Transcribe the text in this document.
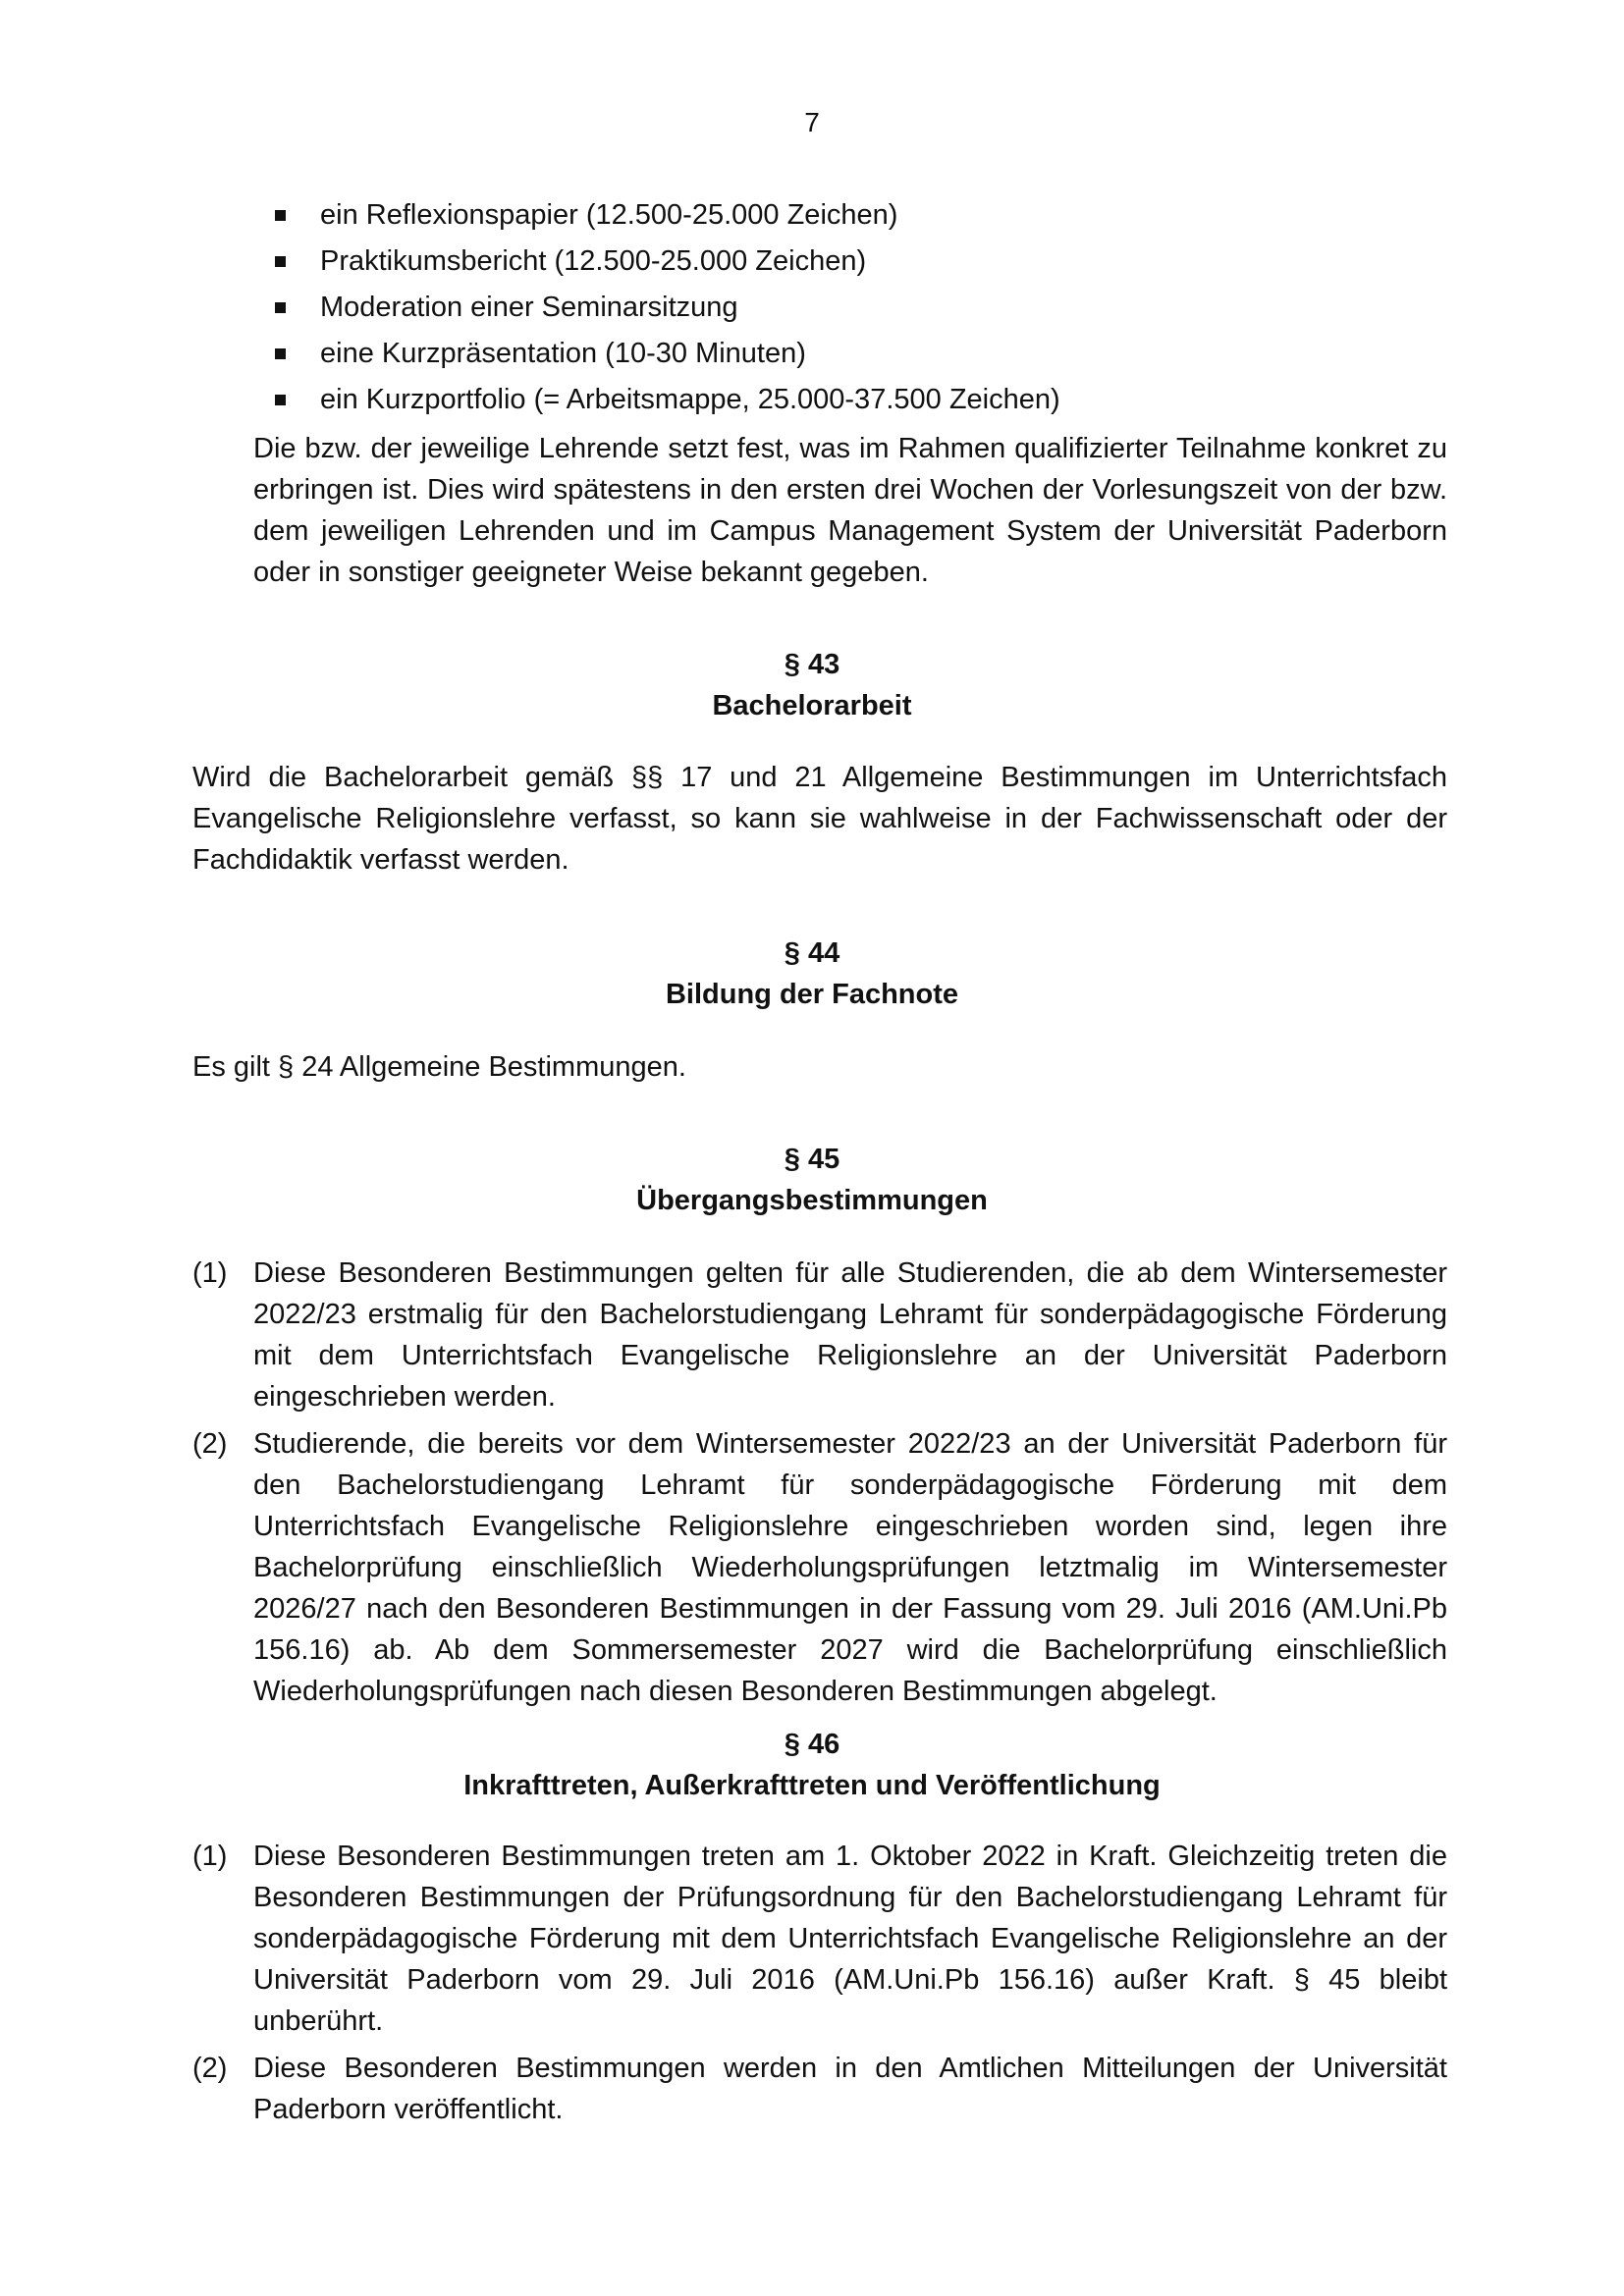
7
ein Reflexionspapier (12.500-25.000 Zeichen)
Praktikumsbericht (12.500-25.000 Zeichen)
Moderation einer Seminarsitzung
eine Kurzpräsentation (10-30 Minuten)
ein Kurzportfolio (= Arbeitsmappe, 25.000-37.500 Zeichen)

Die bzw. der jeweilige Lehrende setzt fest, was im Rahmen qualifizierter Teilnahme konkret zu erbringen ist. Dies wird spätestens in den ersten drei Wochen der Vorlesungszeit von der bzw. dem jeweiligen Lehrenden und im Campus Management System der Universität Paderborn oder in sonstiger geeigneter Weise bekannt gegeben.

§ 43
Bachelorarbeit

Wird die Bachelorarbeit gemäß §§ 17 und 21 Allgemeine Bestimmungen im Unterrichtsfach Evangelische Religionslehre verfasst, so kann sie wahlweise in der Fachwissenschaft oder der Fachdidaktik verfasst werden.

§ 44
Bildung der Fachnote

Es gilt § 24 Allgemeine Bestimmungen.

§ 45
Übergangsbestimmungen
(1) Diese Besonderen Bestimmungen gelten für alle Studierenden, die ab dem Wintersemester 2022/23 erstmalig für den Bachelorstudiengang Lehramt für sonderpädagogische Förderung mit dem Unterrichtsfach Evangelische Religionslehre an der Universität Paderborn eingeschrieben werden.
(2) Studierende, die bereits vor dem Wintersemester 2022/23 an der Universität Paderborn für den Bachelorstudiengang Lehramt für sonderpädagogische Förderung mit dem Unterrichtsfach Evangelische Religionslehre eingeschrieben worden sind, legen ihre Bachelorprüfung einschließlich Wiederholungsprüfungen letztmalig im Wintersemester 2026/27 nach den Besonderen Bestimmungen in der Fassung vom 29. Juli 2016 (AM.Uni.Pb 156.16) ab. Ab dem Sommersemester 2027 wird die Bachelorprüfung einschließlich Wiederholungsprüfungen nach diesen Besonderen Bestimmungen abgelegt.
§ 46
Inkrafttreten, Außerkrafttreten und Veröffentlichung
(1) Diese Besonderen Bestimmungen treten am 1. Oktober 2022 in Kraft. Gleichzeitig treten die Besonderen Bestimmungen der Prüfungsordnung für den Bachelorstudiengang Lehramt für sonderpädagogische Förderung mit dem Unterrichtsfach Evangelische Religionslehre an der Universität Paderborn vom 29. Juli 2016 (AM.Uni.Pb 156.16) außer Kraft. § 45 bleibt unberührt.
(2) Diese Besonderen Bestimmungen werden in den Amtlichen Mitteilungen der Universität Paderborn veröffentlicht.
